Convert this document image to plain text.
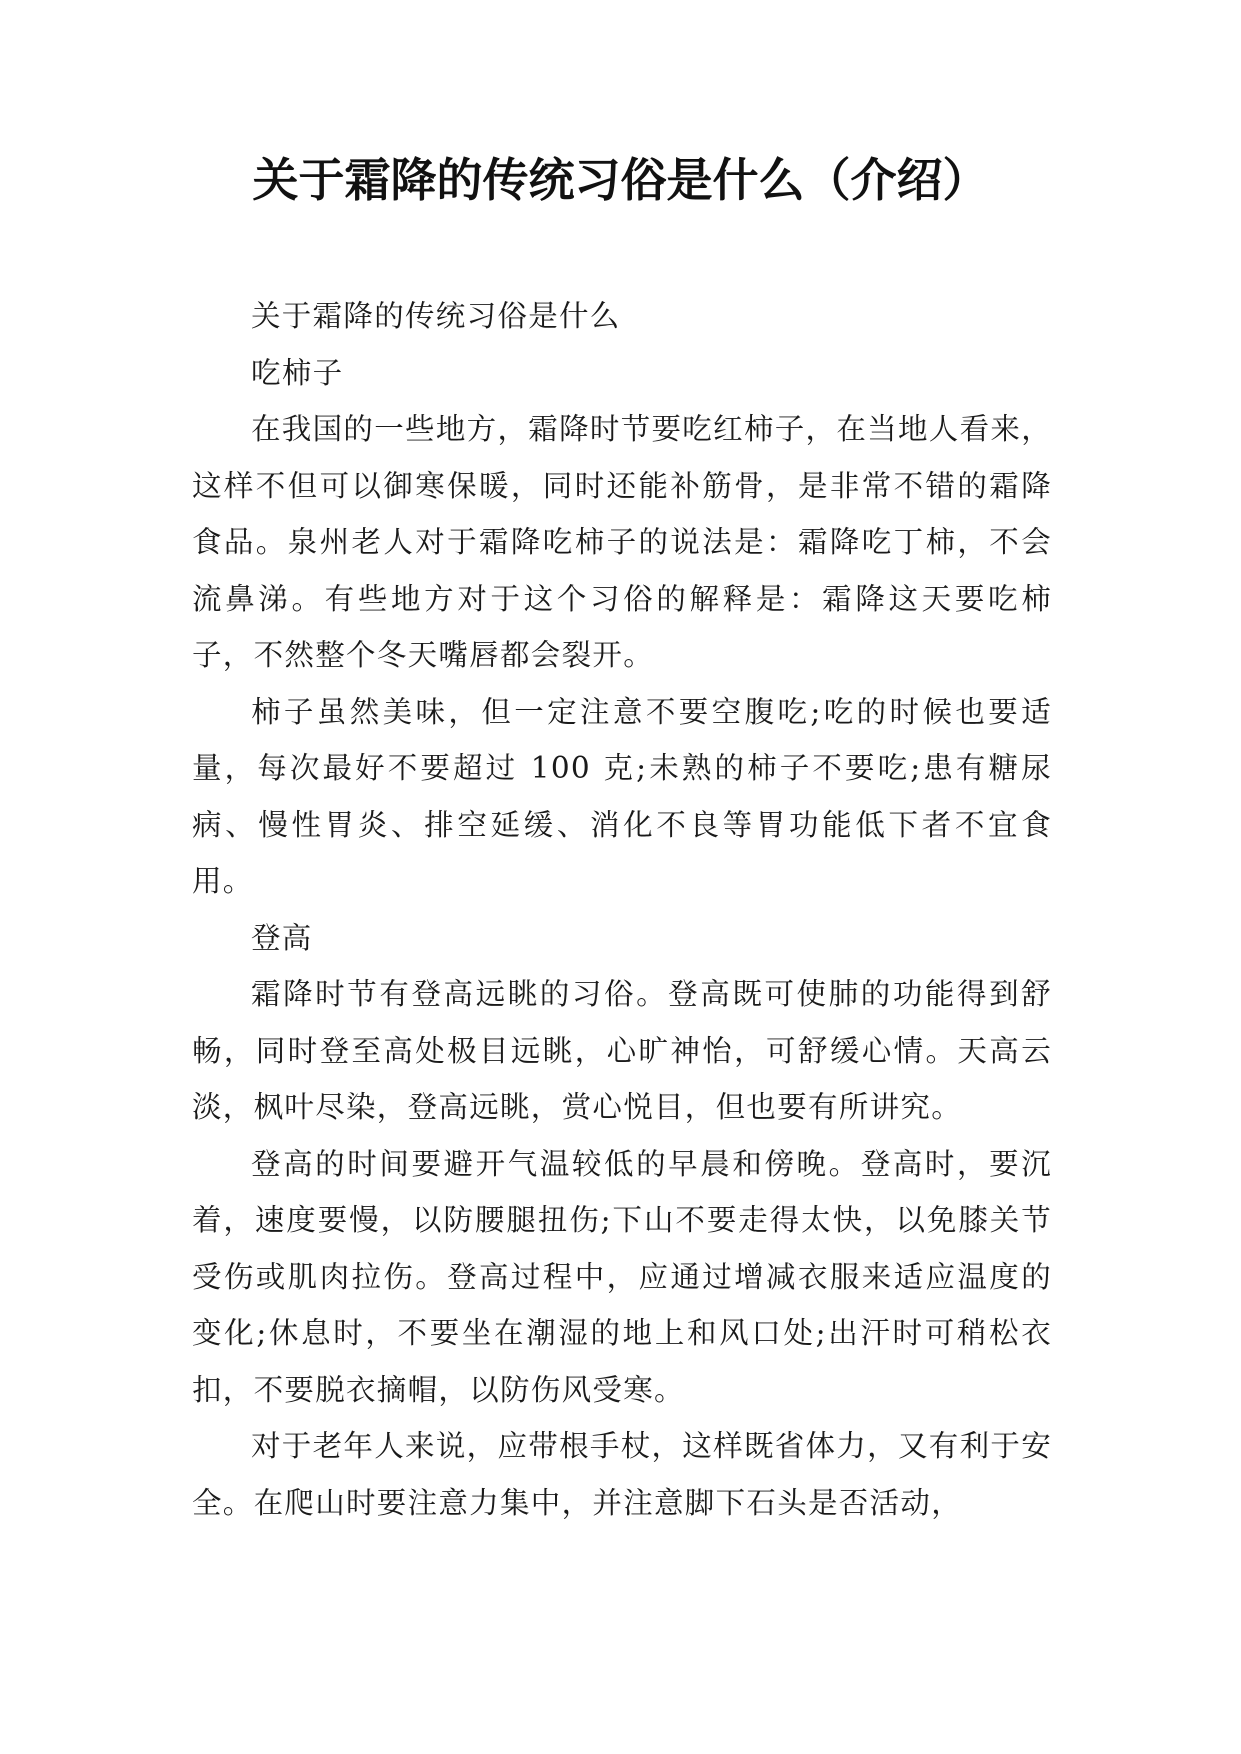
关于霜降的传统习俗是什么（介绍）

关于霜降的传统习俗是什么

吃柿子

在我国的一些地方，霜降时节要吃红柿子，在当地人看来，这样不但可以御寒保暖，同时还能补筋骨，是非常不错的霜降食品。泉州老人对于霜降吃柿子的说法是：霜降吃丁柿，不会流鼻涕。有些地方对于这个习俗的解释是：霜降这天要吃柿子，不然整个冬天嘴唇都会裂开。

柿子虽然美味，但一定注意不要空腹吃;吃的时候也要适量，每次最好不要超过 100 克;未熟的柿子不要吃;患有糖尿病、慢性胃炎、排空延缓、消化不良等胃功能低下者不宜食用。

登高

霜降时节有登高远眺的习俗。登高既可使肺的功能得到舒畅，同时登至高处极目远眺，心旷神怡，可舒缓心情。天高云淡，枫叶尽染，登高远眺，赏心悦目，但也要有所讲究。

登高的时间要避开气温较低的早晨和傍晚。登高时，要沉着，速度要慢，以防腰腿扭伤;下山不要走得太快，以免膝关节受伤或肌肉拉伤。登高过程中，应通过增减衣服来适应温度的变化;休息时，不要坐在潮湿的地上和风口处;出汗时可稍松衣扣，不要脱衣摘帽，以防伤风受寒。

对于老年人来说，应带根手杖，这样既省体力，又有利于安全。在爬山时要注意力集中，并注意脚下石头是否活动，
